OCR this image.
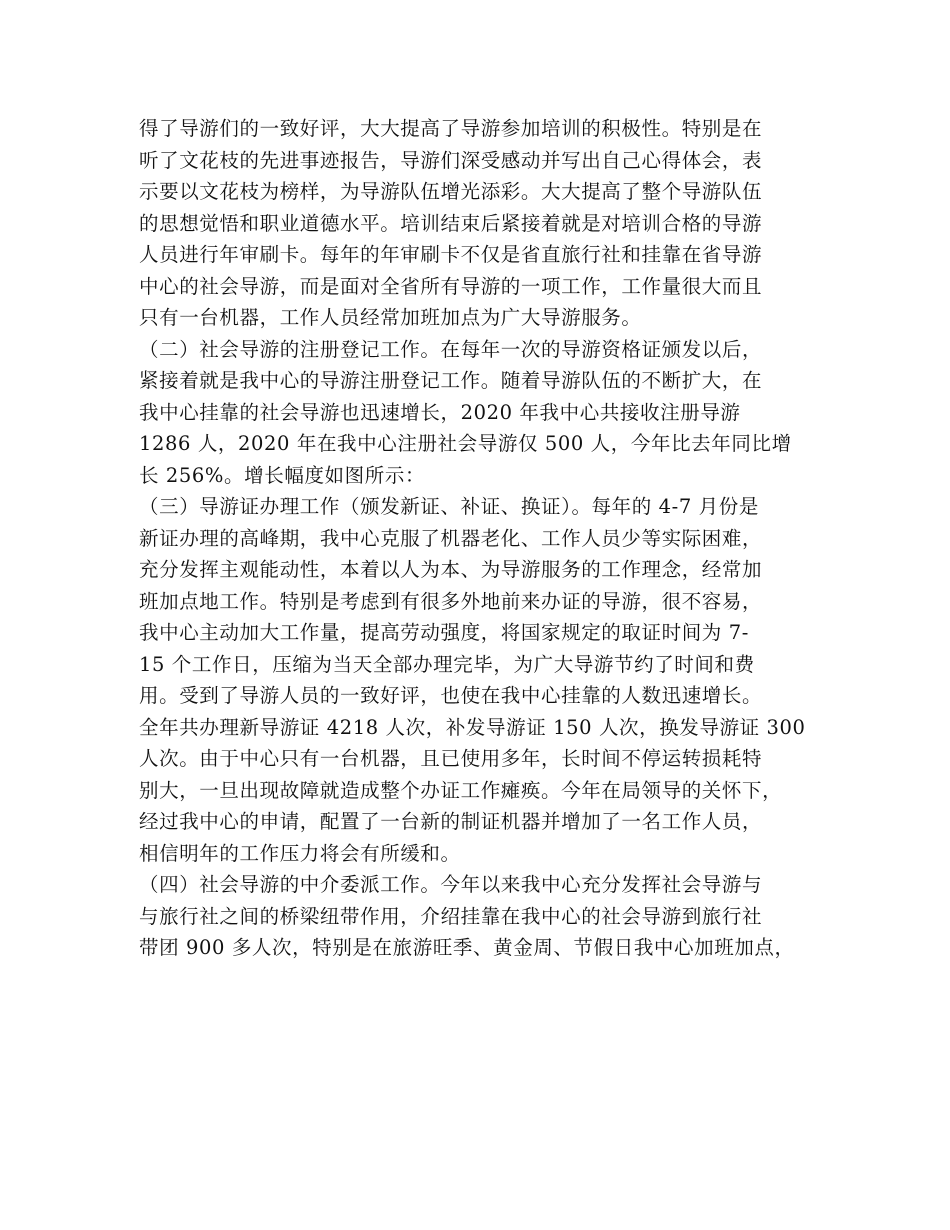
得了导游们的一致好评，大大提高了导游参加培训的积极性。特别是在
听了文花枝的先进事迹报告，导游们深受感动并写出自己心得体会，表
示要以文花枝为榜样，为导游队伍增光添彩。大大提高了整个导游队伍
的思想觉悟和职业道德水平。培训结束后紧接着就是对培训合格的导游
人员进行年审刷卡。每年的年审刷卡不仅是省直旅行社和挂靠在省导游
中心的社会导游，而是面对全省所有导游的一项工作，工作量很大而且
只有一台机器，工作人员经常加班加点为广大导游服务。
（二）社会导游的注册登记工作。在每年一次的导游资格证颁发以后，
紧接着就是我中心的导游注册登记工作。随着导游队伍的不断扩大，在
我中心挂靠的社会导游也迅速增长，2020 年我中心共接收注册导游
1286 人，2020 年在我中心注册社会导游仅 500 人，今年比去年同比增
长 256%。增长幅度如图所示：
（三）导游证办理工作（颁发新证、补证、换证）。每年的 4-7 月份是
新证办理的高峰期，我中心克服了机器老化、工作人员少等实际困难，
充分发挥主观能动性，本着以人为本、为导游服务的工作理念，经常加
班加点地工作。特别是考虑到有很多外地前来办证的导游，很不容易，
我中心主动加大工作量，提高劳动强度，将国家规定的取证时间为 7-
15 个工作日，压缩为当天全部办理完毕，为广大导游节约了时间和费
用。受到了导游人员的一致好评，也使在我中心挂靠的人数迅速增长。
全年共办理新导游证 4218 人次，补发导游证 150 人次，换发导游证 300
人次。由于中心只有一台机器，且已使用多年，长时间不停运转损耗特
别大，一旦出现故障就造成整个办证工作瘫痪。今年在局领导的关怀下，
经过我中心的申请，配置了一台新的制证机器并增加了一名工作人员，
相信明年的工作压力将会有所缓和。
（四）社会导游的中介委派工作。今年以来我中心充分发挥社会导游与
与旅行社之间的桥梁纽带作用，介绍挂靠在我中心的社会导游到旅行社
带团 900 多人次，特别是在旅游旺季、黄金周、节假日我中心加班加点，
